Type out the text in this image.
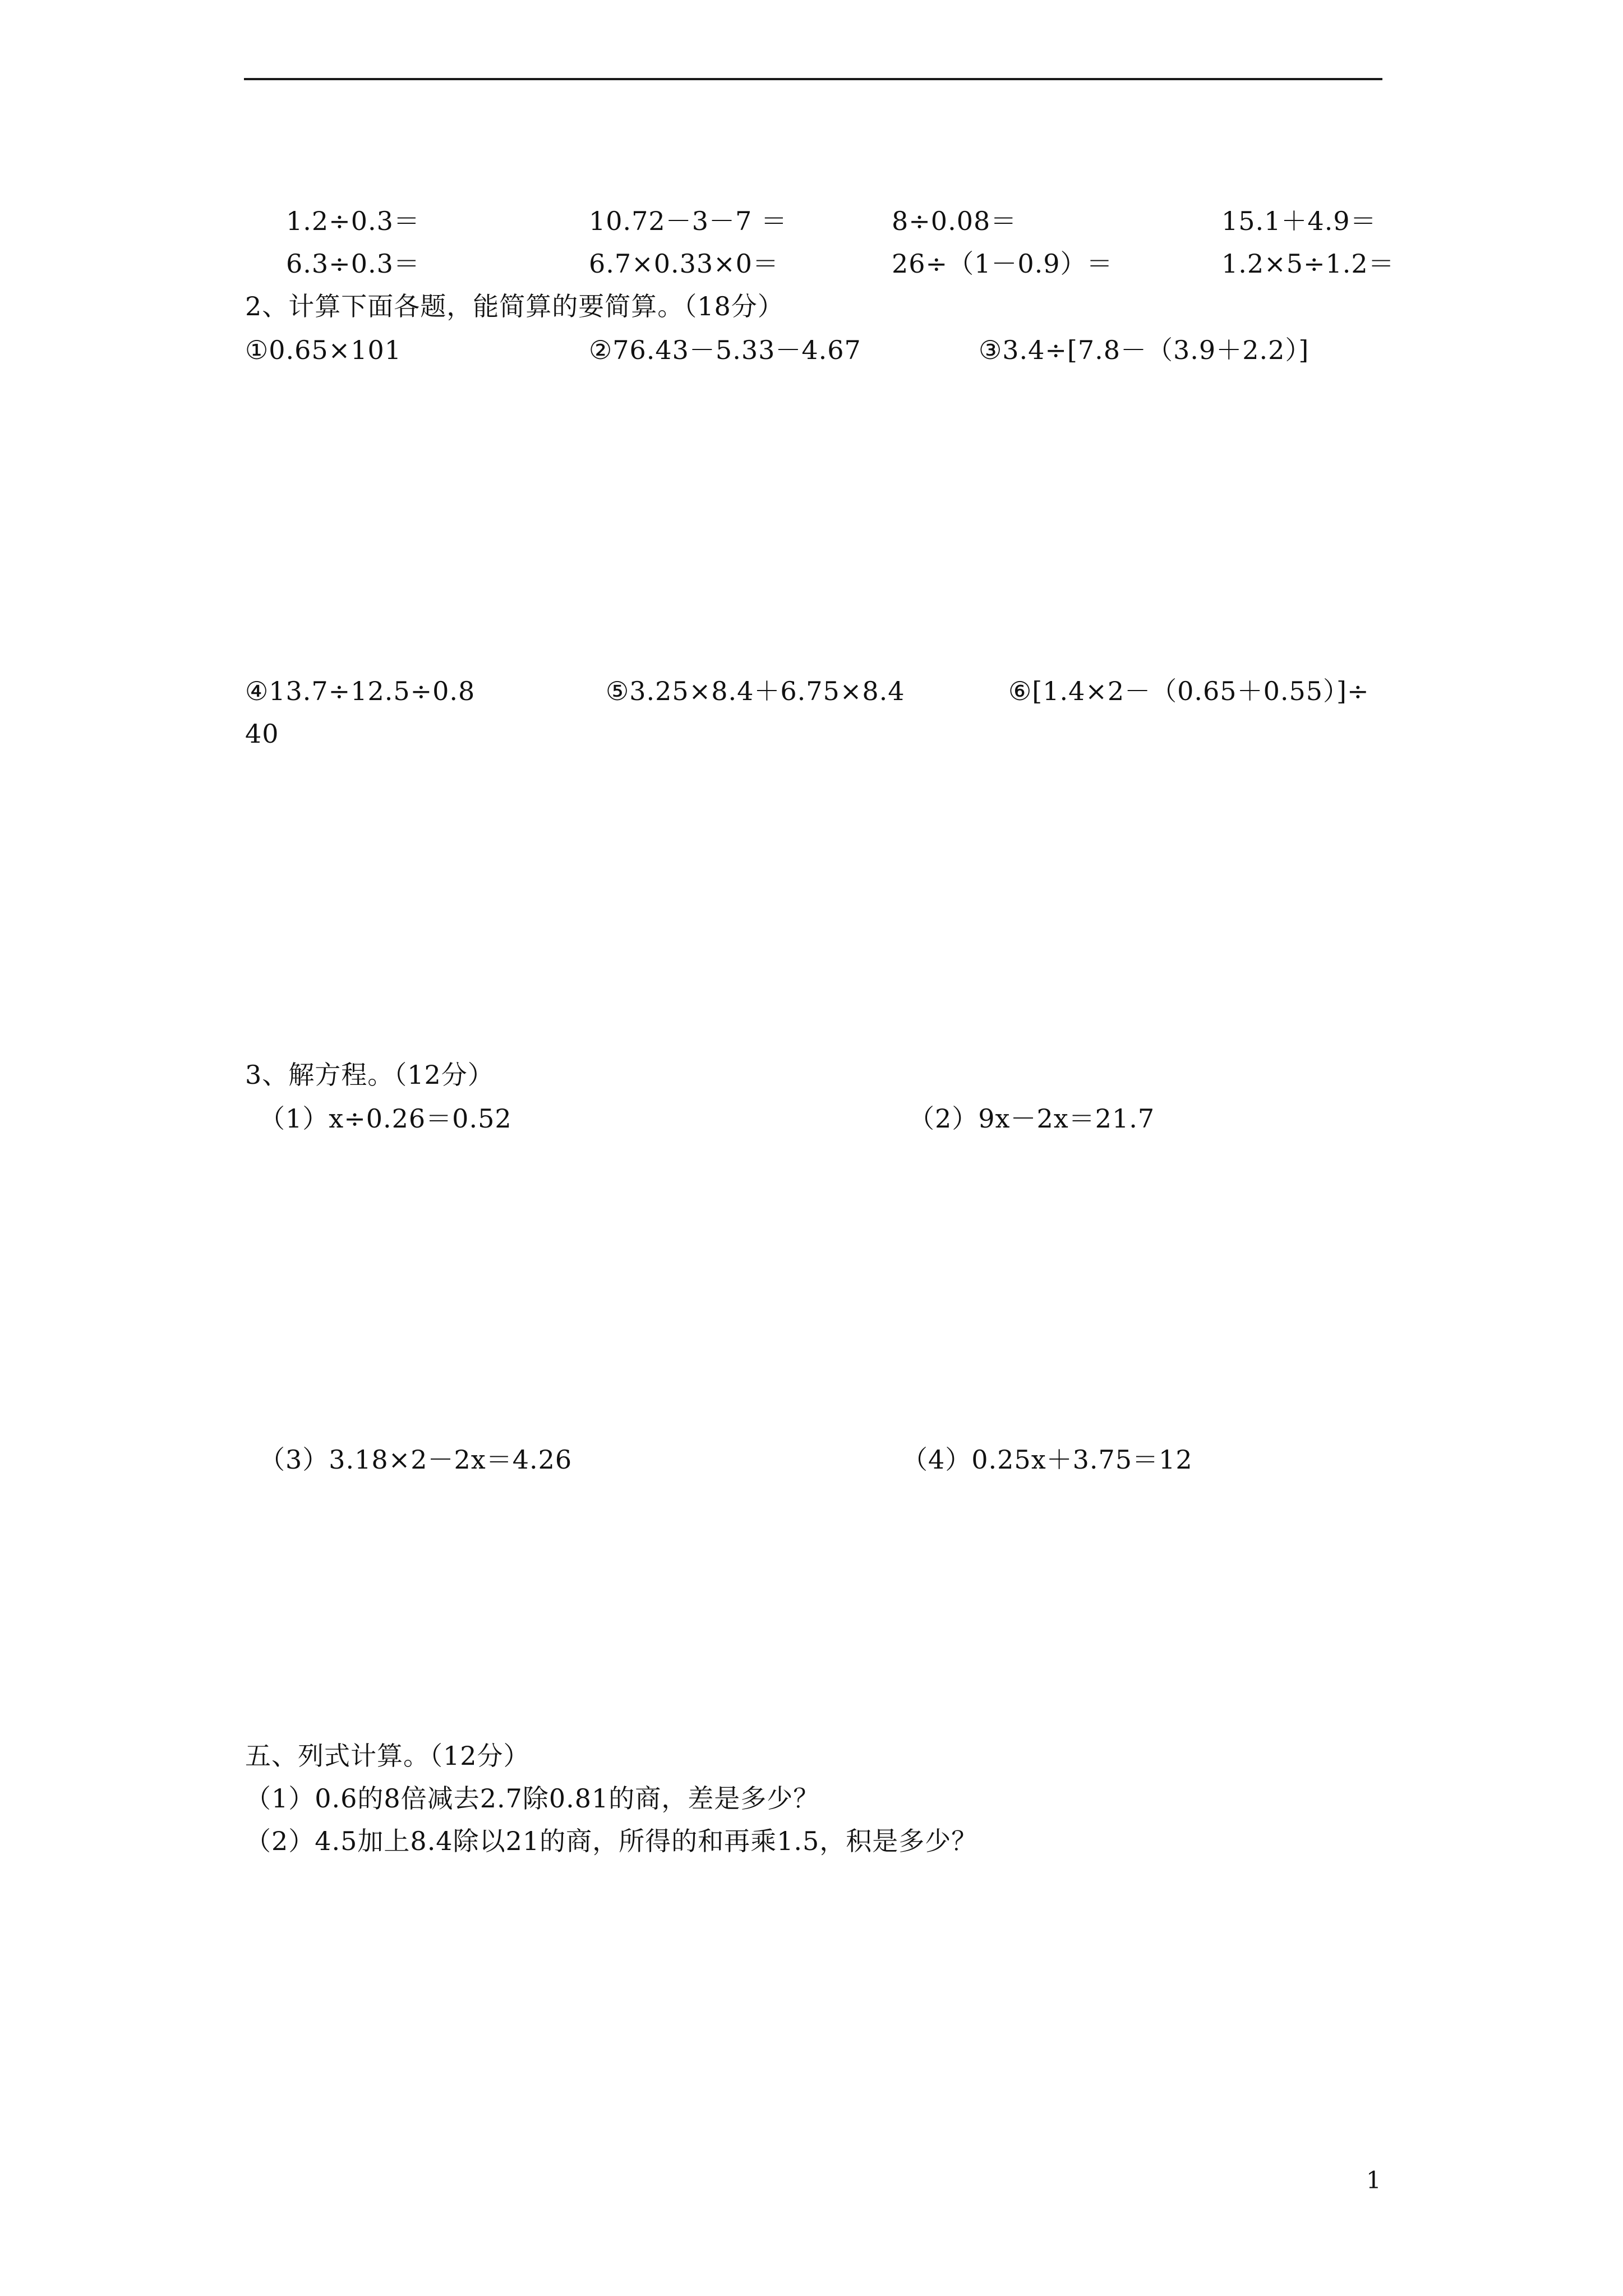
1.2÷0.3＝	10.72－3－7 ＝	8÷0.08＝	15.1＋4.9＝
6.3÷0.3＝	6.7×0.33×0＝	26÷（1－0.9）＝	1.2×5÷1.2＝
2、计算下面各题，能简算的要简算。（18分）
①0.65×101	②76.43－5.33－4.67	③3.4÷[7.8－（3.9＋2.2）]
④13.7÷12.5÷0.8	⑤3.25×8.4＋6.75×8.4	⑥[1.4×2－（0.65＋0.55）]÷
40
3、解方程。（12分）
（1）x÷0.26＝0.52	（2）9x－2x＝21.7
（3）3.18×2－2x＝4.26	（4）0.25x＋3.75＝12
五、列式计算。（12分）
（1）0.6的8倍减去2.7除0.81的商，差是多少？
（2）4.5加上8.4除以21的商，所得的和再乘1.5，积是多少？
1
